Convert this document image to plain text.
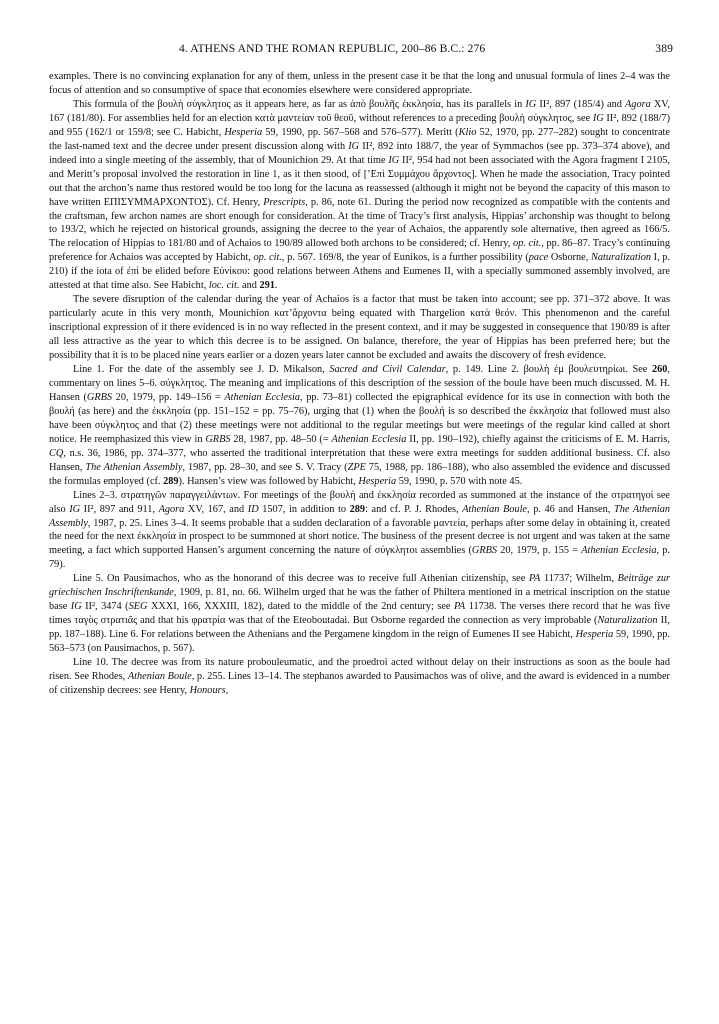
4. ATHENS AND THE ROMAN REPUBLIC, 200–86 B.C.: 276	389

examples. There is no convincing explanation for any of them, unless in the present case it be that the long and unusual formula of lines 2–4 was the focus of attention and so consumptive of space that economies elsewhere were considered appropriate.

This formula of the βουλὴ σύγκλητος as it appears here, as far as ἀπὸ βουλῆς ἐκκλησία, has its parallels in IG II², 897 (185/4) and Agora XV, 167 (181/80). For assemblies held for an election κατὰ μαντείαν τοῦ θεοῦ, without references to a preceding βουλὴ σύγκλητος, see IG II², 892 (188/7) and 955 (162/1 or 159/8; see C. Habicht, Hesperia 59, 1990, pp. 567–568 and 576–577). Meritt (Klio 52, 1970, pp. 277–282) sought to concentrate the last-named text and the decree under present discussion along with IG II², 892 into 188/7, the year of Symmachos (see pp. 373–374 above), and indeed into a single meeting of the assembly, that of Mounichion 29. At that time IG II², 954 had not been associated with the Agora fragment I 2105, and Meritt’s proposal involved the restoration in line 1, as it then stood, of [’Επὶ Συμμάχου ἄρχοντος]. When he made the association, Tracy pointed out that the archon’s name thus restored would be too long for the lacuna as reassessed (although it might not be beyond the capacity of this mason to have written ΕΠΙΣΥΜΜΑΡΧΟΝΤΟΣ). Cf. Henry, Prescripts, p. 86, note 61. During the period now recognized as compatible with the contents and the craftsman, few archon names are short enough for consideration. At the time of Tracy’s first analysis, Hippias’ archonship was thought to belong to 193/2, which he rejected on historical grounds, assigning the decree to the year of Achaios, the apparently sole alternative, then agreed as 166/5. The relocation of Hippias to 181/80 and of Achaios to 190/89 allowed both archons to be considered; cf. Henry, op. cit., pp. 86–87. Tracy’s continuing preference for Achaios was accepted by Habicht, op. cit., p. 567. 169/8, the year of Eunikos, is a further possibility (pace Osborne, Naturalization I, p. 210) if the iota of ἐπὶ be elided before Εὐνίκου: good relations between Athens and Eumenes II, with a specially summoned assembly involved, are attested at that time also. See Habicht, loc. cit. and 291.

The severe disruption of the calendar during the year of Achaios is a factor that must be taken into account; see pp. 371–372 above. It was particularly acute in this very month, Mounichion κατ’ἄρχοντα being equated with Thargelion κατὰ θεόν. This phenomenon and the careful inscriptional expression of it there evidenced is in no way reflected in the present context, and it may be suggested in consequence that 190/89 is after all less attractive as the year to which this decree is to be assigned. On balance, therefore, the year of Hippias has been preferred here; but the possibility that it is to be placed nine years earlier or a dozen years later cannot be excluded and awaits the discovery of fresh evidence.

Line 1. For the date of the assembly see J. D. Mikalson, Sacred and Civil Calendar, p. 149. Line 2. βουλὴ ἐμ βουλευτηρίωι. See 260, commentary on lines 5–6. σύγκλητος. The meaning and implications of this description of the session of the boule have been much discussed. M. H. Hansen (GRBS 20, 1979, pp. 149–156 = Athenian Ecclesia, pp. 73–81) collected the epigraphical evidence for its use in connection with both the βουλή (as here) and the ἐκκλησία (pp. 151–152 = pp. 75–76), urging that (1) when the βουλή is so described the ἐκκλησία that followed must also have been σύγκλητος and that (2) these meetings were not additional to the regular meetings but were meetings of the regular kind called at short notice. He reemphasized this view in GRBS 28, 1987, pp. 48–50 (= Athenian Ecclesia II, pp. 190–192), chiefly against the criticisms of E. M. Harris, CQ, n.s. 36, 1986, pp. 374–377, who asserted the traditional interpretation that these were extra meetings for sudden additional business. Cf. also Hansen, The Athenian Assembly, 1987, pp. 28–30, and see S. V. Tracy (ZPE 75, 1988, pp. 186–188), who also assembled the evidence and discussed the formulas employed (cf. 289). Hansen’s view was followed by Habicht, Hesperia 59, 1990, p. 570 with note 45.

Lines 2–3. στρατηγῶν παραγγειλάντων. For meetings of the βουλή and ἐκκλησία recorded as summoned at the instance of the στρατηγοί see also IG II², 897 and 911, Agora XV, 167, and ID 1507, in addition to 289: and cf. P. J. Rhodes, Athenian Boule, p. 46 and Hansen, The Athenian Assembly, 1987, p. 25. Lines 3–4. It seems probable that a sudden declaration of a favorable μαντεία, perhaps after some delay in obtaining it, created the need for the next ἐκκλησία in prospect to be summoned at short notice. The business of the present decree is not urgent and was taken at the same meeting, a fact which supported Hansen’s argument concerning the nature of σύγκλητοι assemblies (GRBS 20, 1979, p. 155 = Athenian Ecclesia, p. 79).

Line 5. On Pausimachos, who as the honorand of this decree was to receive full Athenian citizenship, see PA 11737; Wilhelm, Beiträge zur griechischen Inschriftenkunde, 1909, p. 81, no. 66. Wilhelm urged that he was the father of Philtera mentioned in a metrical inscription on the statue base IG II², 3474 (SEG XXXI, 166, XXXIII, 182), dated to the middle of the 2nd century; see PA 11738. The verses there record that he was five times ταγὸς στρατιᾶς and that his φρατρία was that of the Eteoboutadai. But Osborne regarded the connection as very improbable (Naturalization II, pp. 187–188). Line 6. For relations between the Athenians and the Pergamene kingdom in the reign of Eumenes II see Habicht, Hesperia 59, 1990, pp. 563–573 (on Pausimachos, p. 567).

Line 10. The decree was from its nature probouleumatic, and the proedroi acted without delay on their instructions as soon as the boule had risen. See Rhodes, Athenian Boule, p. 255. Lines 13–14. The stephanos awarded to Pausimachos was of olive, and the award is evidenced in a number of citizenship decrees: see Henry, Honours,
